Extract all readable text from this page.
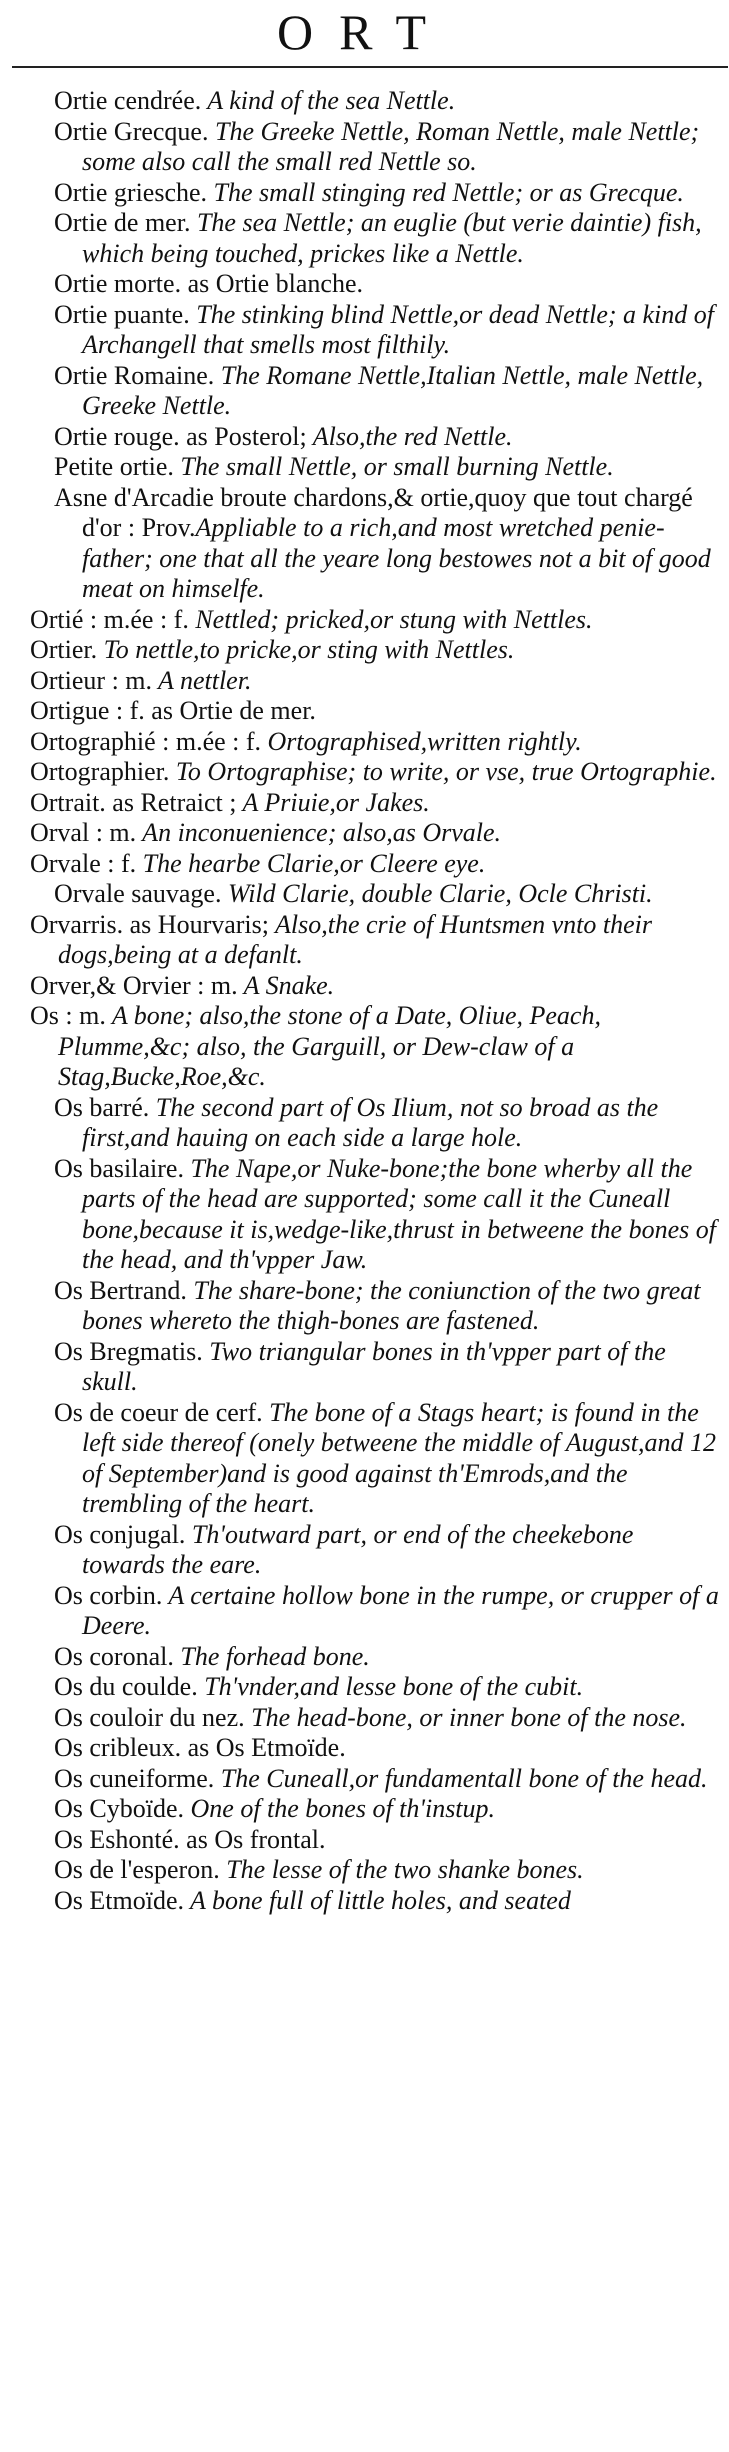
ORT

Ortie cendrée. A kind of the sea Nettle.

Ortie Grecque. The Greeke Nettle, Roman Nettle, male Nettle; some also call the small red Nettle so.

Ortie griesche. The small stinging red Nettle; or as Grecque.

Ortie de mer. The sea Nettle; an euglie (but verie daintie) fish, which being touched, prickes like a Nettle.

Ortie morte. as Ortie blanche.

Ortie puante. The stinking blind Nettle,or dead Nettle; a kind of Archangell that smells most filthily.

Ortie Romaine. The Romane Nettle,Italian Nettle, male Nettle, Greeke Nettle.

Ortie rouge. as Posterol; Also,the red Nettle.

Petite ortie. The small Nettle, or small burning Nettle.

Asne d'Arcadie broute chardons,& ortie,quoy que tout chargé d'or : Prov.Appliable to a rich,and most wretched penie-father; one that all the yeare long bestowes not a bit of good meat on himselfe.

Ortié : m.ée : f. Nettled; pricked,or stung with Nettles.

Ortier. To nettle,to pricke,or sting with Nettles.

Ortieur : m. A nettler.

Ortigue : f. as Ortie de mer.

Ortographié : m.ée : f. Ortographised,written rightly.

Ortographier. To Ortographise; to write, or vse, true Ortographie.

Ortrait. as Retraict ; A Priuie,or Jakes.

Orval : m. An inconuenience; also,as Orvale.

Orvale : f. The hearbe Clarie,or Cleere eye.

Orvale sauvage. Wild Clarie, double Clarie, Ocle Christi.

Orvarris. as Hourvaris; Also,the crie of Huntsmen vnto their dogs,being at a defanlt.

Orver,& Orvier : m. A Snake.

Os : m. A bone; also,the stone of a Date, Oliue, Peach, Plumme,&c; also, the Garguill, or Dew-claw of a Stag,Bucke,Roe,&c.

Os barré. The second part of Os Ilium, not so broad as the first,and hauing on each side a large hole.

Os basilaire. The Nape,or Nuke-bone;the bone wherby all the parts of the head are supported; some call it the Cuneall bone,because it is,wedge-like,thrust in betweene the bones of the head, and th'vpper Jaw.

Os Bertrand. The share-bone; the coniunction of the two great bones whereto the thigh-bones are fastened.

Os Bregmatis. Two triangular bones in th'vpper part of the skull.

Os de coeur de cerf. The bone of a Stags heart; is found in the left side thereof (onely betweene the middle of August,and 12 of September)and is good against th'Emrods,and the trembling of the heart.

Os conjugal. Th'outward part, or end of the cheekebone towards the eare.

Os corbin. A certaine hollow bone in the rumpe, or crupper of a Deere.

Os coronal. The forhead bone.

Os du coulde. Th'vnder,and lesse bone of the cubit.

Os couloir du nez. The head-bone, or inner bone of the nose.

Os cribleux. as Os Etmoïde.

Os cuneiforme. The Cuneall,or fundamentall bone of the head.

Os Cyboïde. One of the bones of th'instup.

Os Eshonté. as Os frontal.

Os de l'esperon. The lesse of the two shanke bones.

Os Etmoïde. A bone full of little holes, and seated
